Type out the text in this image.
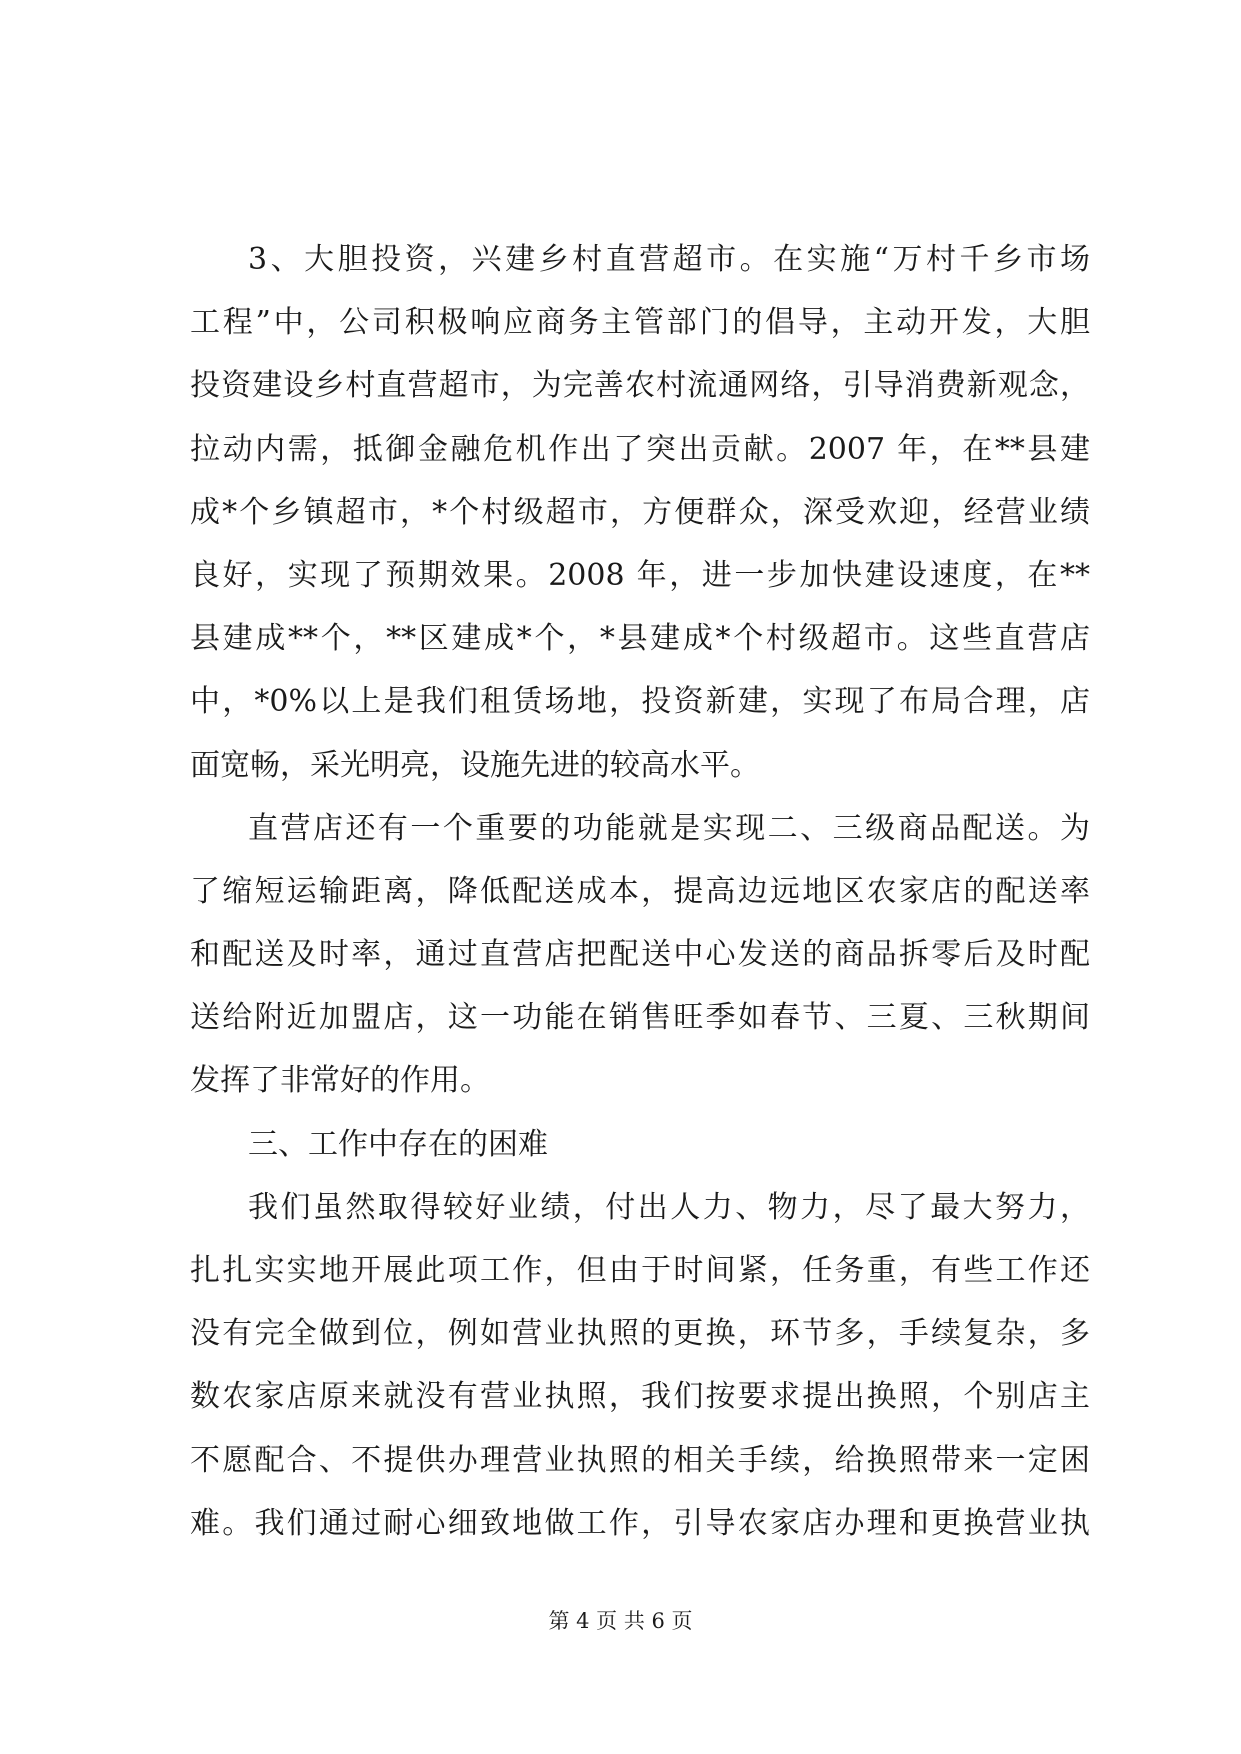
3、大胆投资，兴建乡村直营超市。在实施“万村千乡市场
工程”中，公司积极响应商务主管部门的倡导，主动开发，大胆
投资建设乡村直营超市，为完善农村流通网络，引导消费新观念，
拉动内需，抵御金融危机作出了突出贡献。2007 年，在**县建
成*个乡镇超市，*个村级超市，方便群众，深受欢迎，经营业绩
良好，实现了预期效果。2008 年，进一步加快建设速度，在**
县建成**个，**区建成*个，*县建成*个村级超市。这些直营店
中，*0%以上是我们租赁场地，投资新建，实现了布局合理，店
面宽畅，采光明亮，设施先进的较高水平。
直营店还有一个重要的功能就是实现二、三级商品配送。为
了缩短运输距离，降低配送成本，提高边远地区农家店的配送率
和配送及时率，通过直营店把配送中心发送的商品拆零后及时配
送给附近加盟店，这一功能在销售旺季如春节、三夏、三秋期间
发挥了非常好的作用。
三、工作中存在的困难
我们虽然取得较好业绩，付出人力、物力，尽了最大努力，
扎扎实实地开展此项工作，但由于时间紧，任务重，有些工作还
没有完全做到位，例如营业执照的更换，环节多，手续复杂，多
数农家店原来就没有营业执照，我们按要求提出换照，个别店主
不愿配合、不提供办理营业执照的相关手续，给换照带来一定困
难。我们通过耐心细致地做工作，引导农家店办理和更换营业执
第 4 页 共 6 页
